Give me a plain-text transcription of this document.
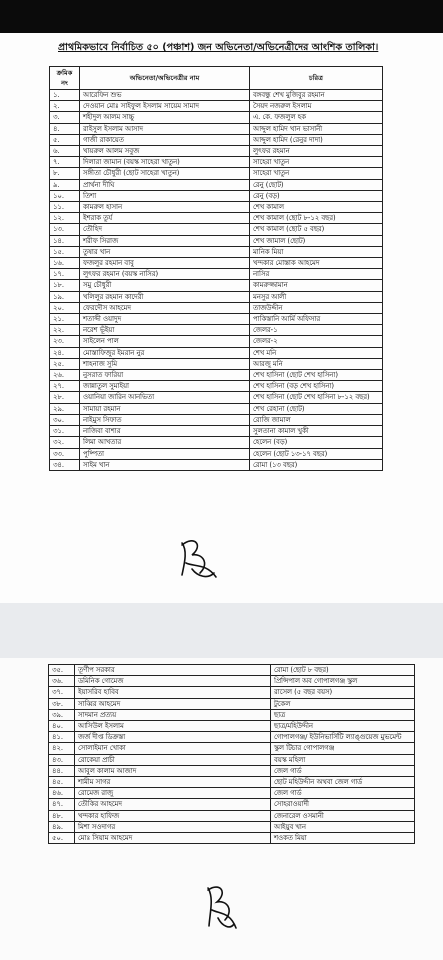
প্রাথমিকভাবে নির্বাচিত ৫০ (পঞ্চাশ) জন অভিনেতা/অভিনেত্রীদের আংশিক তালিকা।
ক্রমিক নং	অভিনেতা/অভিনেত্রীর নাম	চরিত্র
১.	আরেফিন শুভ	বঙ্গবন্ধু শেখ মুজিবুর রহমান
২.	দেওয়ান মোঃ সাইফুল ইসলাম সায়েম সামাদ	সৈয়দ নজরুল ইসলাম
৩.	শহীদুল আলম সাচ্চু	এ. কে. ফজলুল হক
৪.	রাইসুল ইসলাম আসাদ	আব্দুল হামিদ খান ভাসানী
৫.	গাজী রাকায়েত	আব্দুল হামিদ (রেনুর দাদা)
৬.	খায়রুল আলম সবুজ	লুৎফর রহমান
৭.	দিলারা জামান (বয়স্ক সাহেরা খাতুন)	সাহেরা খাতুন
৮.	সঙ্গীতা চৌধুরী (ছোট সাহেরা খাতুন)	সাহেরা খাতুন
৯.	প্রার্থনা দীঘি	রেনু (ছোট)
১০.	তিশা	রেনু (বড়)
১১.	কামরুল হাসান	শেখ কামাল
১২.	ইশরাক তুর্য	শেখ কামাল (ছোট ৮-১২ বছর)
১৩.	তৌহিদ	শেখ কামাল (ছোট ৫ বছর)
১৪.	শরীফ সিরাজ	শেখ জামাল (ছোট)
১৫.	তুষার খান	মানিক মিয়া
১৬.	ফজলুর রহমান বাবু	খন্দকার মোস্তাক আহমেদ
১৭.	লুৎফর রহমান (বয়স্ক নাসির)	নাসির
১৮.	সমু চৌধুরী	কামরুজ্জামান
১৯.	খলিলুর রহমান কাদেরী	মনসুর আলী
২০.	ফেরদৌস আহমেদ	তাজউদ্দীন
২১.	শতাব্দী ওয়াদুদ	পাকিস্তানি আর্মি অফিসার
২২.	নরেশ ভূঁইয়া	জেলর-১
২৩.	সাইলেন পাল	জেলর-২
২৪.	মোস্তাফিজুর ইমরান নুর	শেখ মনি
২৫.	শাহনাজ সুমি	আরজু মনি
২৬.	নুসরাত ফারিয়া	শেখ হাসিনা (ছোট শেখ হাসিনা)
২৭.	জান্নাতুল সুমাইয়া	শেখ হাসিনা (বড় শেখ হাসিনা)
২৮.	ওয়ানিয়া জারিন আনভিতা	শেখ হাসিনা (ছোট শেখ হাসিনা ৮-১২ বছর)
২৯.	সামায়া রহমান	শেখ রেহানা (ছোট)
৩০.	নাইমুস সিফাত	রোজি জামাল
৩১.	নাজিবা বাশার	সুলতানা কামাল খুকী
৩২.	লিমা আখতার	হেলেন (বড়)
৩৩.	পুষ্পিতা	হেলেন (ছোট ১৩-১৭ বছর)
৩৪.	সাইম খান	রোমা (১৩ বছর)
৩৫.	তূর্ণীপ সরকার	রোমা (ছোট ৮ বছর)
৩৬.	ডমিনিক গোমেজ	প্রিন্সিপাল অব গোপালগঞ্জ স্কুল
৩৭.	ইয়াসরিব হাবিব	রাসেল (৫ বছর বয়স)
৩৮.	সাব্বির আহমেদ	টুকেল
৩৯.	সাদমান প্রত্যয়	ছাত্র
৪০.	আসিউল ইসলাম	ছাত্র/মহিউদ্দীন
৪১.	জর্জ দীপ্ত ডিক্রস্তা	গোপালগঞ্জ/ ইউনিভার্সিটি ল্যাঙ্গুয়েজ মুভমেন্ট
৪২.	সোলাইমান খোকা	স্কুল টিচার গোপালগঞ্জ
৪৩.	রোকেয়া প্রাচী	বয়স্ক মহিলা
৪৪.	আবুল কালাম আজাদ	জেল গার্ড
৪৫.	শামীম সাগর	ছোট মহিউদ্দীন অথবা জেল গার্ড
৪৬.	রোমেজ রাজু	জেল গার্ড
৪৭.	তৌকির আহমেদ	সোহরাওয়ার্দী
৪৮.	খন্দকার হাফিজ	জেনারেল ওসমানী
৪৯.	মিশা সওদাগর	আইয়ুব খান
৫০.	মোঃ সিয়াম আহমেদ	শওকত মিয়া
